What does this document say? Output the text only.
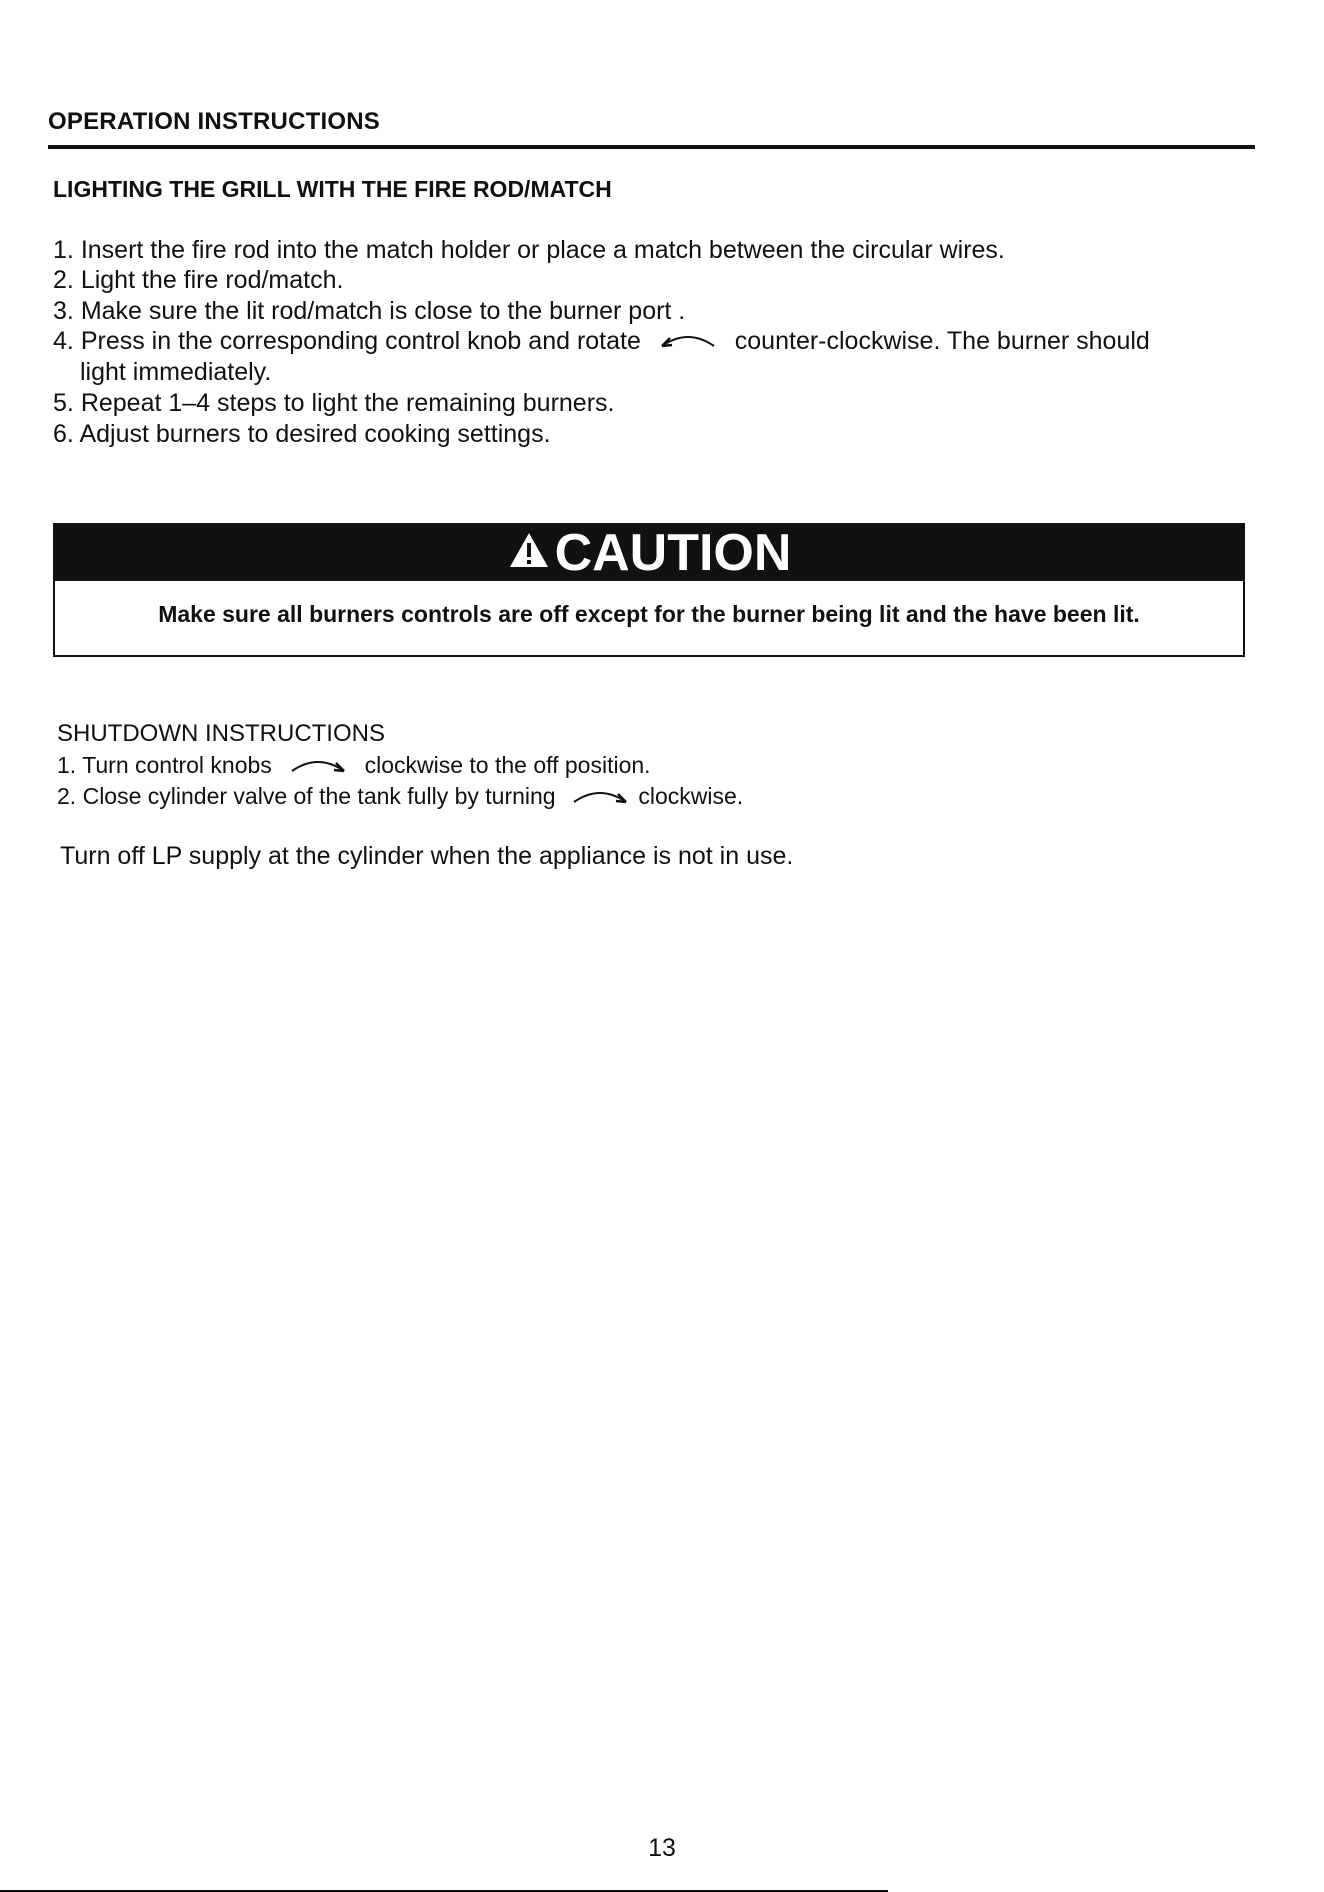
OPERATION INSTRUCTIONS
LIGHTING THE GRILL WITH THE FIRE ROD/MATCH
1. Insert the fire rod into the match holder or place a match between the circular wires.
2. Light the fire rod/match.
3. Make sure the lit rod/match is close to the burner port .
4. Press in the corresponding control knob and rotate	counter-clockwise. The burner should
light immediately.
5. Repeat 1–4 steps to light the remaining burners.
6. Adjust burners to desired cooking settings.
CAUTION
Make sure all burners controls are off except for the burner being lit and the have been lit.
SHUTDOWN INSTRUCTIONS
1. Turn control knobs	clockwise to the off position.
2. Close cylinder valve of the tank fully by turning	clockwise.
Turn off LP supply at the cylinder when the appliance is not in use.
13
